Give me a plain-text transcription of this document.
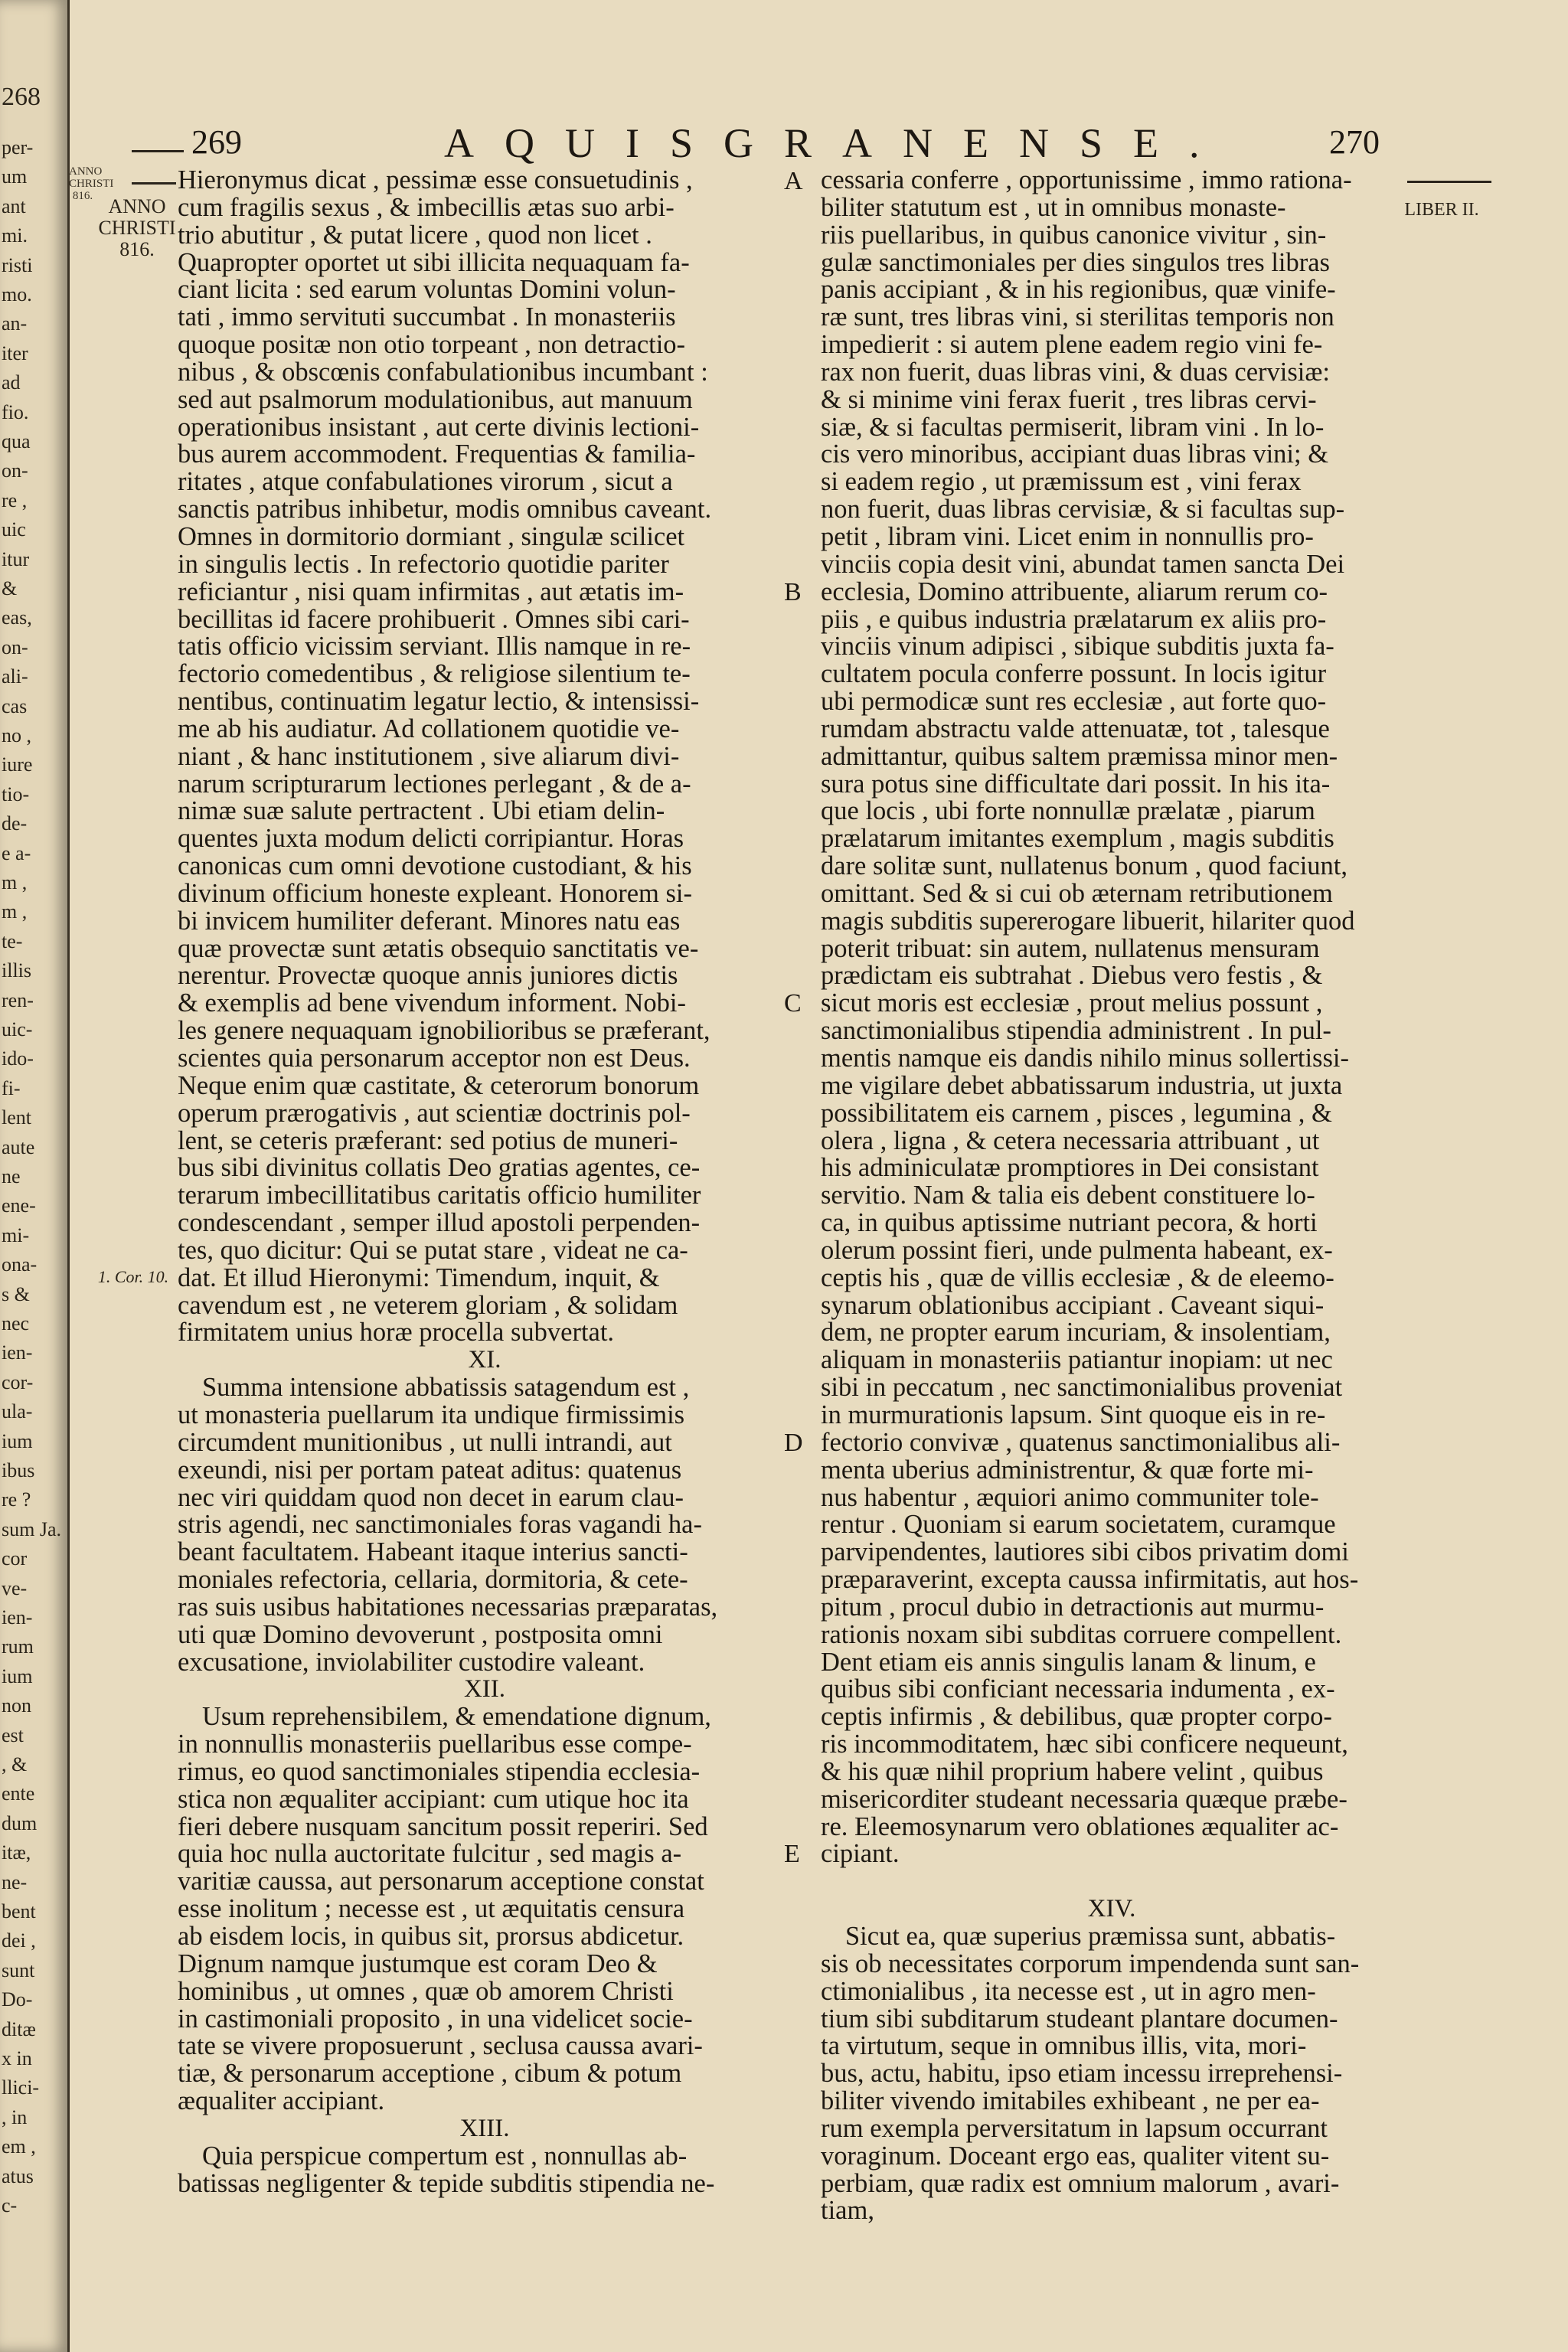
268
per-
um
ant
mi.
risti
mo.
an-
iter
ad
fio.
qua
on-
re ,
uic
itur
&
eas,
on-
ali-
cas
no ,
iure
tio-
de-
e a-
m ,
m ,
te-
illis
ren-
uic-
ido-
fi-
lent
aute
ne
ene-
mi-
ona-
s &
nec
ien-
cor-
ula-
ium
ibus
re ?
sum Ja.
cor
ve-
ien-
rum
ium
non
est
, &
ente
dum
itæ,
ne-
bent
dei ,
sunt
Do-
ditæ
x in
llici-
, in
em ,
atus
c-
269	AQUISGRANENSE.	270
ANNO CHRISTI 816.
ANNO CHRISTI 816.
LIBER II.
1. Cor. 10.
A
B
C
D
E
Hieronymus dicat , pessimæ esse consuetudinis ,
cum fragilis sexus , & imbecillis ætas suo arbi-
trio abutitur , & putat licere , quod non licet .
Quapropter oportet ut sibi illicita nequaquam fa-
ciant licita : sed earum voluntas Domini volun-
tati , immo servituti succumbat . In monasteriis
quoque positæ non otio torpeant , non detractio-
nibus , & obscœnis confabulationibus incumbant :
sed aut psalmorum modulationibus, aut manuum
operationibus insistant , aut certe divinis lectioni-
bus aurem accommodent. Frequentias & familia-
ritates , atque confabulationes virorum , sicut a
sanctis patribus inhibetur, modis omnibus caveant.
Omnes in dormitorio dormiant , singulæ scilicet
in singulis lectis . In refectorio quotidie pariter
reficiantur , nisi quam infirmitas , aut ætatis im-
becillitas id facere prohibuerit . Omnes sibi cari-
tatis officio vicissim serviant. Illis namque in re-
fectorio comedentibus , & religiose silentium te-
nentibus, continuatim legatur lectio, & intensissi-
me ab his audiatur. Ad collationem quotidie ve-
niant , & hanc institutionem , sive aliarum divi-
narum scripturarum lectiones perlegant , & de a-
nimæ suæ salute pertractent . Ubi etiam delin-
quentes juxta modum delicti corripiantur. Horas
canonicas cum omni devotione custodiant, & his
divinum officium honeste expleant. Honorem si-
bi invicem humiliter deferant. Minores natu eas
quæ provectæ sunt ætatis obsequio sanctitatis ve-
nerentur. Provectæ quoque annis juniores dictis
& exemplis ad bene vivendum informent. Nobi-
les genere nequaquam ignobilioribus se præferant,
scientes quia personarum acceptor non est Deus.
Neque enim quæ castitate, & ceterorum bonorum
operum prærogativis , aut scientiæ doctrinis pol-
lent, se ceteris præferant: sed potius de muneri-
bus sibi divinitus collatis Deo gratias agentes, ce-
terarum imbecillitatibus caritatis officio humiliter
condescendant , semper illud apostoli perpenden-
tes, quo dicitur: Qui se putat stare , videat ne ca-
dat. Et illud Hieronymi: Timendum, inquit, &
cavendum est , ne veterem gloriam , & solidam
firmitatem unius horæ procella subvertat.
XI.
Summa intensione abbatissis satagendum est ,
ut monasteria puellarum ita undique firmissimis
circumdent munitionibus , ut nulli intrandi, aut
exeundi, nisi per portam pateat aditus: quatenus
nec viri quiddam quod non decet in earum clau-
stris agendi, nec sanctimoniales foras vagandi ha-
beant facultatem. Habeant itaque interius sancti-
moniales refectoria, cellaria, dormitoria, & cete-
ras suis usibus habitationes necessarias præparatas,
uti quæ Domino devoverunt , postposita omni
excusatione, inviolabiliter custodire valeant.
XII.
Usum reprehensibilem, & emendatione dignum,
in nonnullis monasteriis puellaribus esse compe-
rimus, eo quod sanctimoniales stipendia ecclesia-
stica non æqualiter accipiant: cum utique hoc ita
fieri debere nusquam sancitum possit reperiri. Sed
quia hoc nulla auctoritate fulcitur , sed magis a-
varitiæ caussa, aut personarum acceptione constat
esse inolitum ; necesse est , ut æquitatis censura
ab eisdem locis, in quibus sit, prorsus abdicetur.
Dignum namque justumque est coram Deo &
hominibus , ut omnes , quæ ob amorem Christi
in castimoniali proposito , in una videlicet socie-
tate se vivere proposuerunt , seclusa caussa avari-
tiæ, & personarum acceptione , cibum & potum
æqualiter accipiant.
XIII.
Quia perspicue compertum est , nonnullas ab-
batissas negligenter & tepide subditis stipendia ne-
cessaria conferre , opportunissime , immo rationa-
biliter statutum est , ut in omnibus monaste-
riis puellaribus, in quibus canonice vivitur , sin-
gulæ sanctimoniales per dies singulos tres libras
panis accipiant , & in his regionibus, quæ vinife-
ræ sunt, tres libras vini, si sterilitas temporis non
impedierit : si autem plene eadem regio vini fe-
rax non fuerit, duas libras vini, & duas cervisiæ:
& si minime vini ferax fuerit , tres libras cervi-
siæ, & si facultas permiserit, libram vini . In lo-
cis vero minoribus, accipiant duas libras vini; &
si eadem regio , ut præmissum est , vini ferax
non fuerit, duas libras cervisiæ, & si facultas sup-
petit , libram vini. Licet enim in nonnullis pro-
vinciis copia desit vini, abundat tamen sancta Dei
ecclesia, Domino attribuente, aliarum rerum co-
piis , e quibus industria prælatarum ex aliis pro-
vinciis vinum adipisci , sibique subditis juxta fa-
cultatem pocula conferre possunt. In locis igitur
ubi permodicæ sunt res ecclesiæ , aut forte quo-
rumdam abstractu valde attenuatæ, tot , talesque
admittantur, quibus saltem præmissa minor men-
sura potus sine difficultate dari possit. In his ita-
que locis , ubi forte nonnullæ prælatæ , piarum
prælatarum imitantes exemplum , magis subditis
dare solitæ sunt, nullatenus bonum , quod faciunt,
omittant. Sed & si cui ob æternam retributionem
magis subditis supererogare libuerit, hilariter quod
poterit tribuat: sin autem, nullatenus mensuram
prædictam eis subtrahat . Diebus vero festis , &
sicut moris est ecclesiæ , prout melius possunt ,
sanctimonialibus stipendia administrent . In pul-
mentis namque eis dandis nihilo minus sollertissi-
me vigilare debet abbatissarum industria, ut juxta
possibilitatem eis carnem , pisces , legumina , &
olera , ligna , & cetera necessaria attribuant , ut
his adminiculatæ promptiores in Dei consistant
servitio. Nam & talia eis debent constituere lo-
ca, in quibus aptissime nutriant pecora, & horti
olerum possint fieri, unde pulmenta habeant, ex-
ceptis his , quæ de villis ecclesiæ , & de eleemo-
synarum oblationibus accipiant . Caveant siqui-
dem, ne propter earum incuriam, & insolentiam,
aliquam in monasteriis patiantur inopiam: ut nec
sibi in peccatum , nec sanctimonialibus proveniat
in murmurationis lapsum. Sint quoque eis in re-
fectorio convivæ , quatenus sanctimonialibus ali-
menta uberius administrentur, & quæ forte mi-
nus habentur , æquiori animo communiter tole-
rentur . Quoniam si earum societatem, curamque
parvipendentes, lautiores sibi cibos privatim domi
præparaverint, excepta caussa infirmitatis, aut hos-
pitum , procul dubio in detractionis aut murmu-
rationis noxam sibi subditas corruere compellent.
Dent etiam eis annis singulis lanam & linum, e
quibus sibi conficiant necessaria indumenta , ex-
ceptis infirmis , & debilibus, quæ propter corpo-
ris incommoditatem, hæc sibi conficere nequeunt,
& his quæ nihil proprium habere velint , quibus
misericorditer studeant necessaria quæque præbe-
re. Eleemosynarum vero oblationes æqualiter ac-
cipiant.
XIV.
Sicut ea, quæ superius præmissa sunt, abbatis-
sis ob necessitates corporum impendenda sunt san-
ctimonialibus , ita necesse est , ut in agro men-
tium sibi subditarum studeant plantare documen-
ta virtutum, seque in omnibus illis, vita, mori-
bus, actu, habitu, ipso etiam incessu irreprehensi-
biliter vivendo imitabiles exhibeant , ne per ea-
rum exempla perversitatum in lapsum occurrant
voraginum. Doceant ergo eas, qualiter vitent su-
perbiam, quæ radix est omnium malorum , avari-
tiam,
